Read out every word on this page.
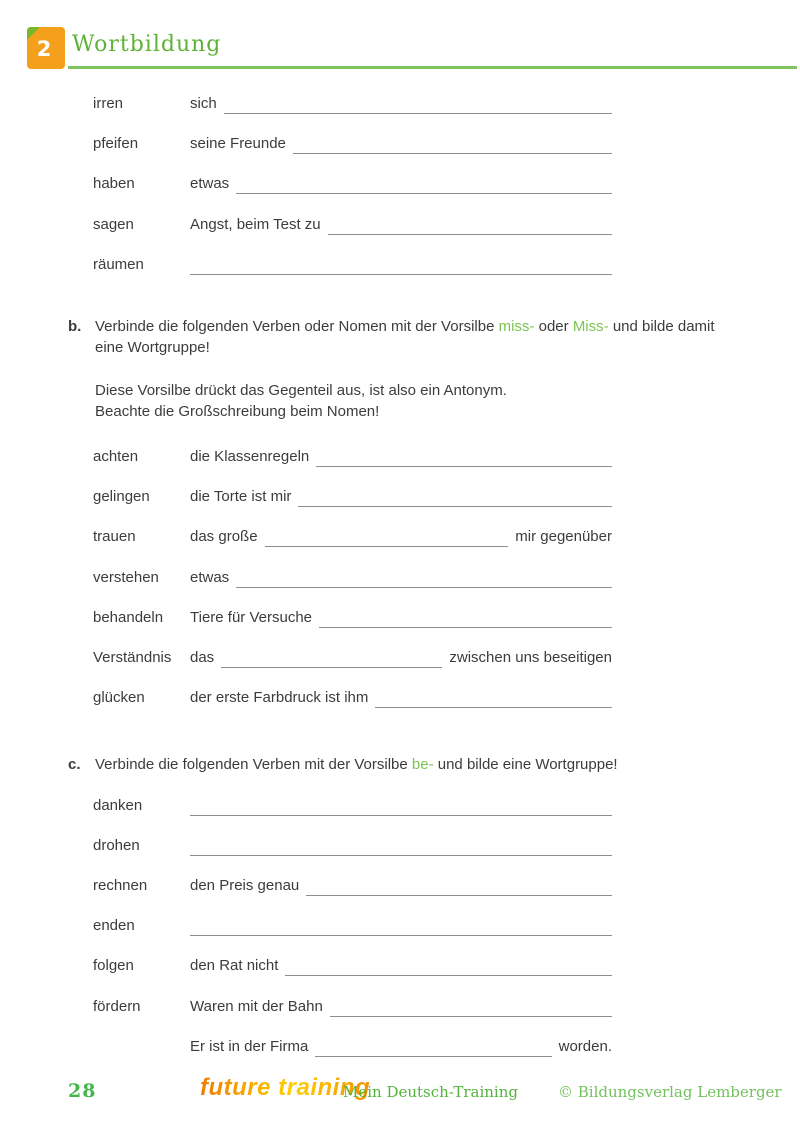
2 Wortbildung
irren	sich
pfeifen	seine Freunde
haben	etwas
sagen	Angst, beim Test zu
räumen
b. Verbinde die folgenden Verben oder Nomen mit der Vorsilbe miss- oder Miss- und bilde damit eine Wortgruppe!
Diese Vorsilbe drückt das Gegenteil aus, ist also ein Antonym.
Beachte die Großschreibung beim Nomen!
achten	die Klassenregeln
gelingen	die Torte ist mir
trauen	das große	mir gegenüber
verstehen	etwas
behandeln	Tiere für Versuche
Verständnis	das	zwischen uns beseitigen
glücken	der erste Farbdruck ist ihm
c. Verbinde die folgenden Verben mit der Vorsilbe be- und bilde eine Wortgruppe!
danken
drohen
rechnen	den Preis genau
enden
folgen	den Rat nicht
fördern	Waren mit der Bahn
Er ist in der Firma	worden.
28	future training
Mein Deutsch-Training	© Bildungsverlag Lemberger
